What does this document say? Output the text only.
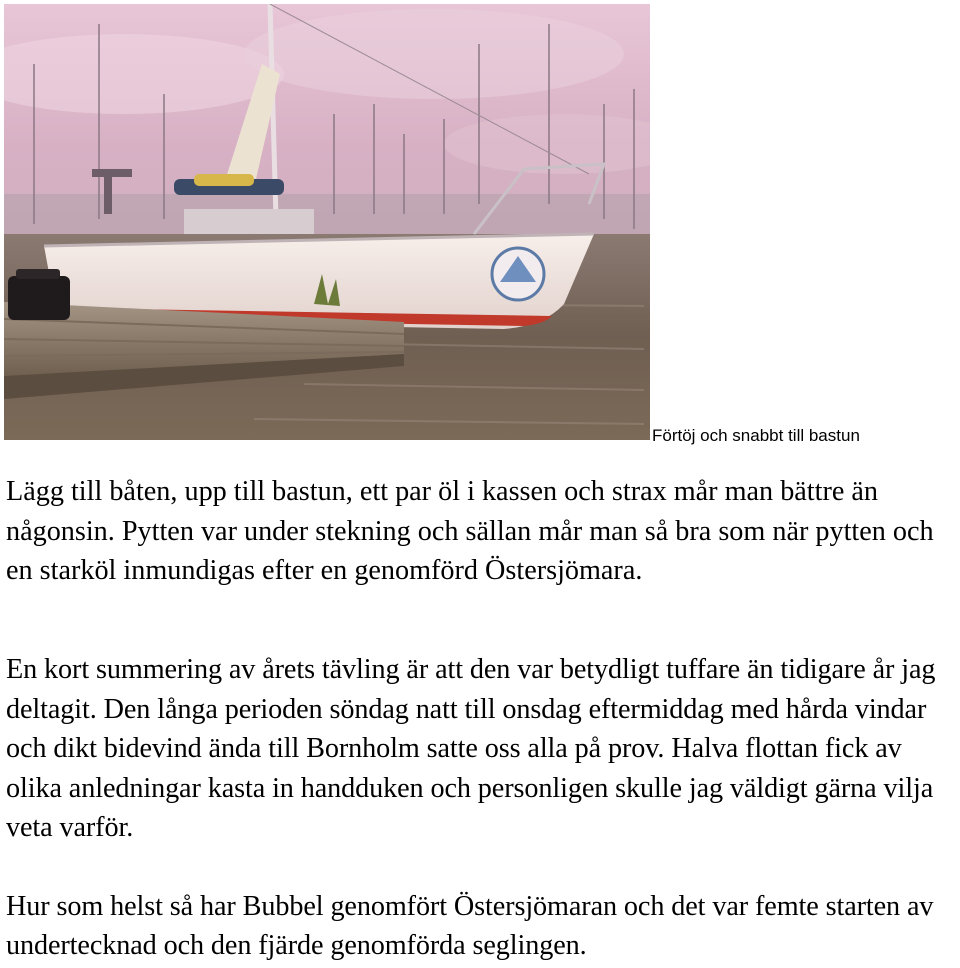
Förtöj och snabbt till bastun

Lägg till båten, upp till bastun, ett par öl i kassen och strax mår man bättre än någonsin. Pytten var under stekning och sällan mår man så bra som när pytten och en starköl inmundigas efter en genomförd Östersjömara.

En kort summering av årets tävling är att den var betydligt tuffare än tidigare år jag deltagit. Den långa perioden söndag natt till onsdag eftermiddag med hårda vindar och dikt bidevind ända till Bornholm satte oss alla på prov. Halva flottan fick av olika anledningar kasta in handduken och personligen skulle jag väldigt gärna vilja veta varför.

Hur som helst så har Bubbel genomfört Östersjömaran och det var femte starten av undertecknad och den fjärde genomförda seglingen.
